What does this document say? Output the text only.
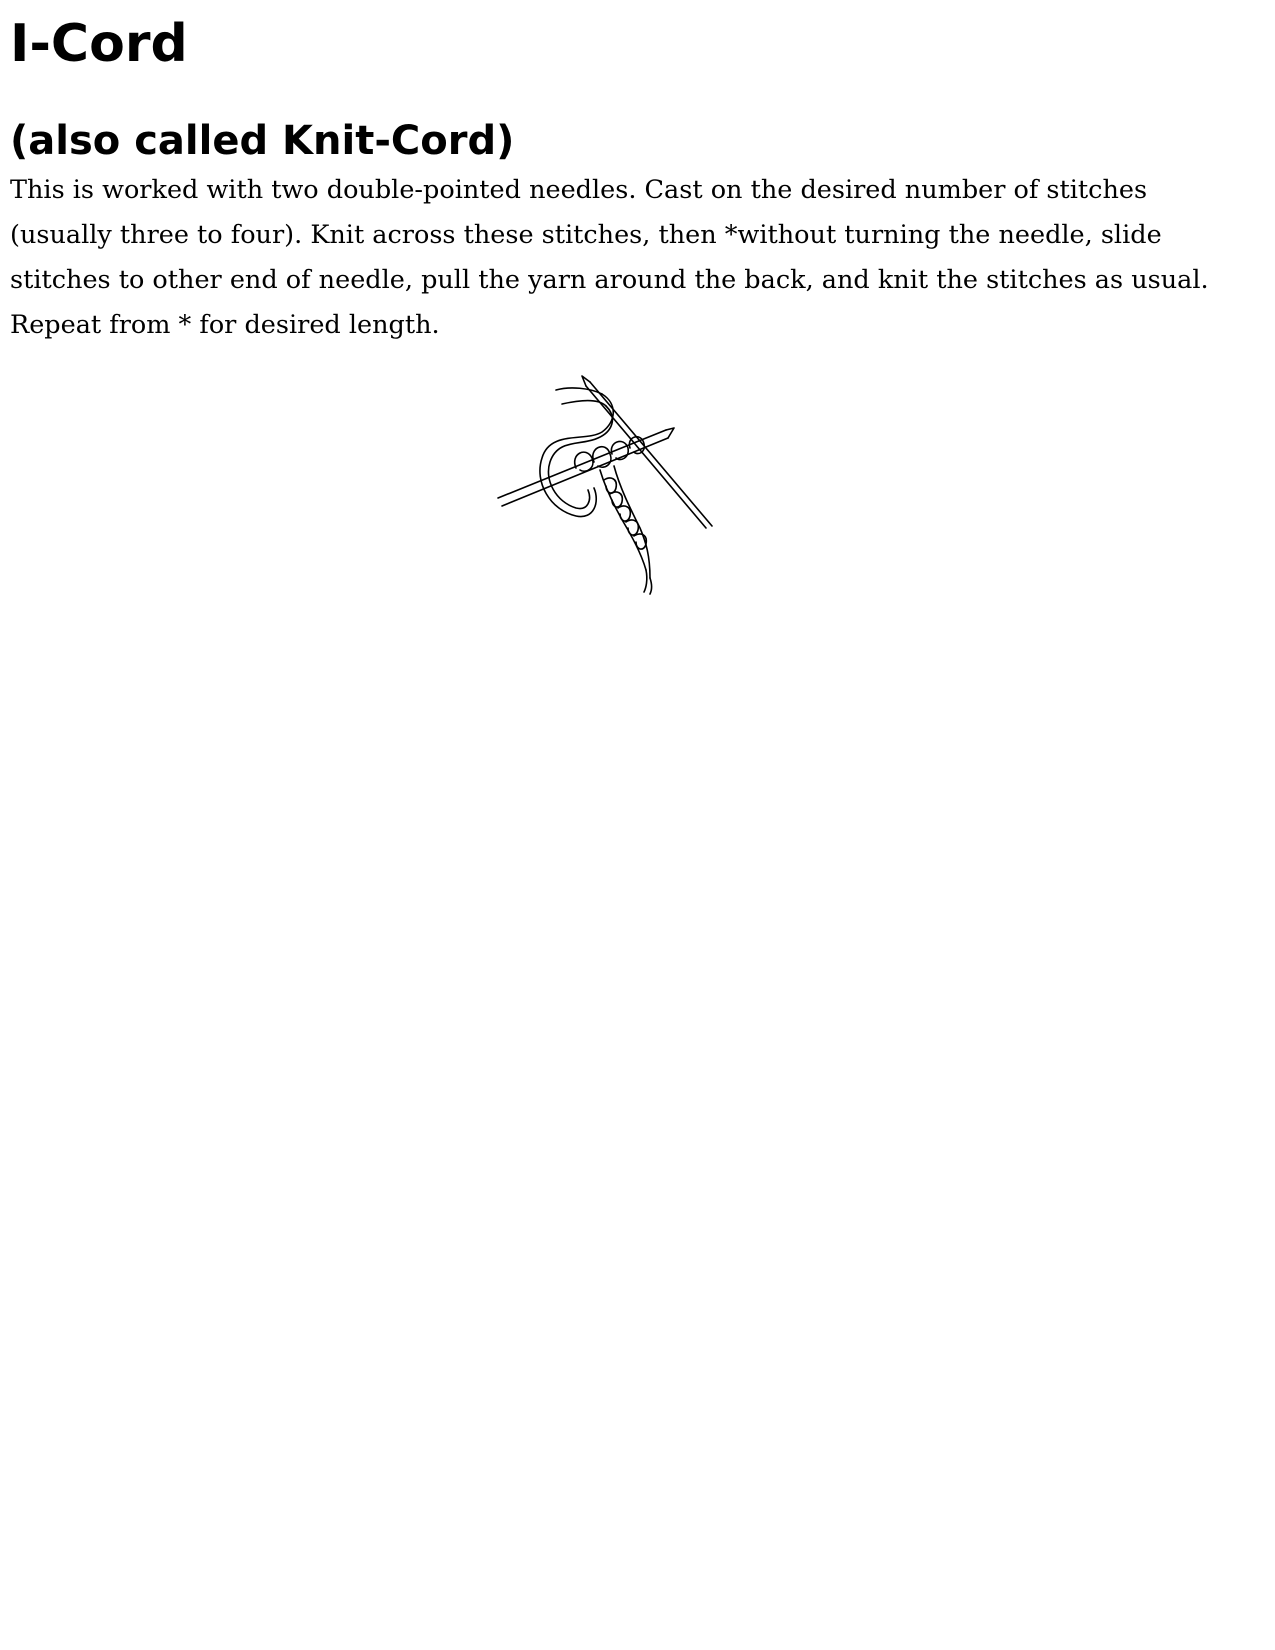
I-Cord
(also called Knit-Cord)

This is worked with two double-pointed needles. Cast on the desired number of stitches (usually three to four). Knit across these stitches, then *without turning the needle, slide stitches to other end of needle, pull the yarn around the back, and knit the stitches as usual. Repeat from * for desired length.
